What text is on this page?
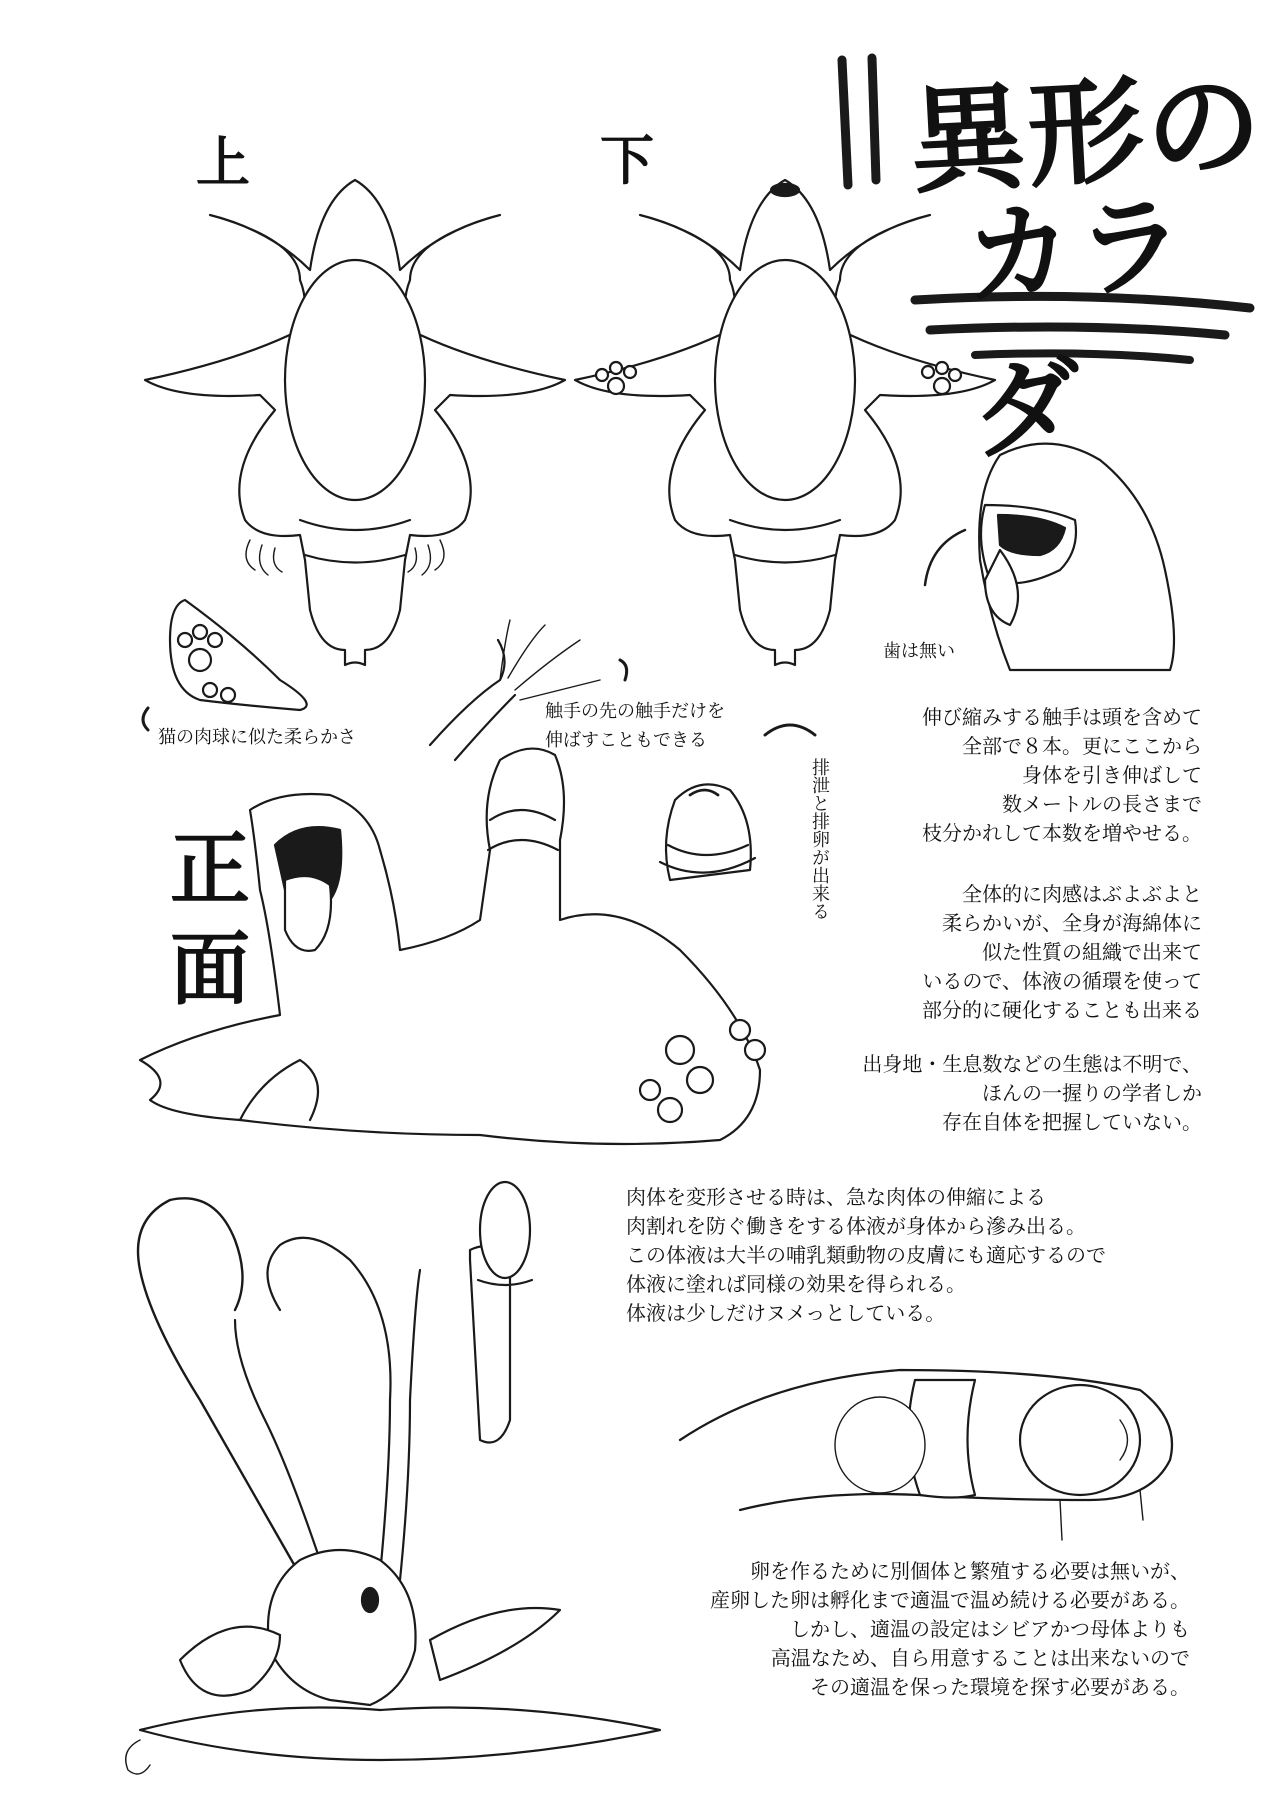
異形の
カラダ
上	下
正
面
猫の肉球に似た柔らかさ
触手の先の触手だけを
伸ばすこともできる
歯は無い
排泄と排卵が出来る
伸び縮みする触手は頭を含めて
全部で８本。更にここから
身体を引き伸ばして
数メートルの長さまで
枝分かれして本数を増やせる。
全体的に肉感はぶよぶよと
柔らかいが、全身が海綿体に
似た性質の組織で出来て
いるので、体液の循環を使って
部分的に硬化することも出来る
出身地・生息数などの生態は不明で、
ほんの一握りの学者しか
存在自体を把握していない。
肉体を変形させる時は、急な肉体の伸縮による
肉割れを防ぐ働きをする体液が身体から滲み出る。
この体液は大半の哺乳類動物の皮膚にも適応するので
体液に塗れば同様の効果を得られる。
体液は少しだけヌメっとしている。
卵を作るために別個体と繁殖する必要は無いが、
産卵した卵は孵化まで適温で温め続ける必要がある。
しかし、適温の設定はシビアかつ母体よりも
高温なため、自ら用意することは出来ないので
その適温を保った環境を探す必要がある。
